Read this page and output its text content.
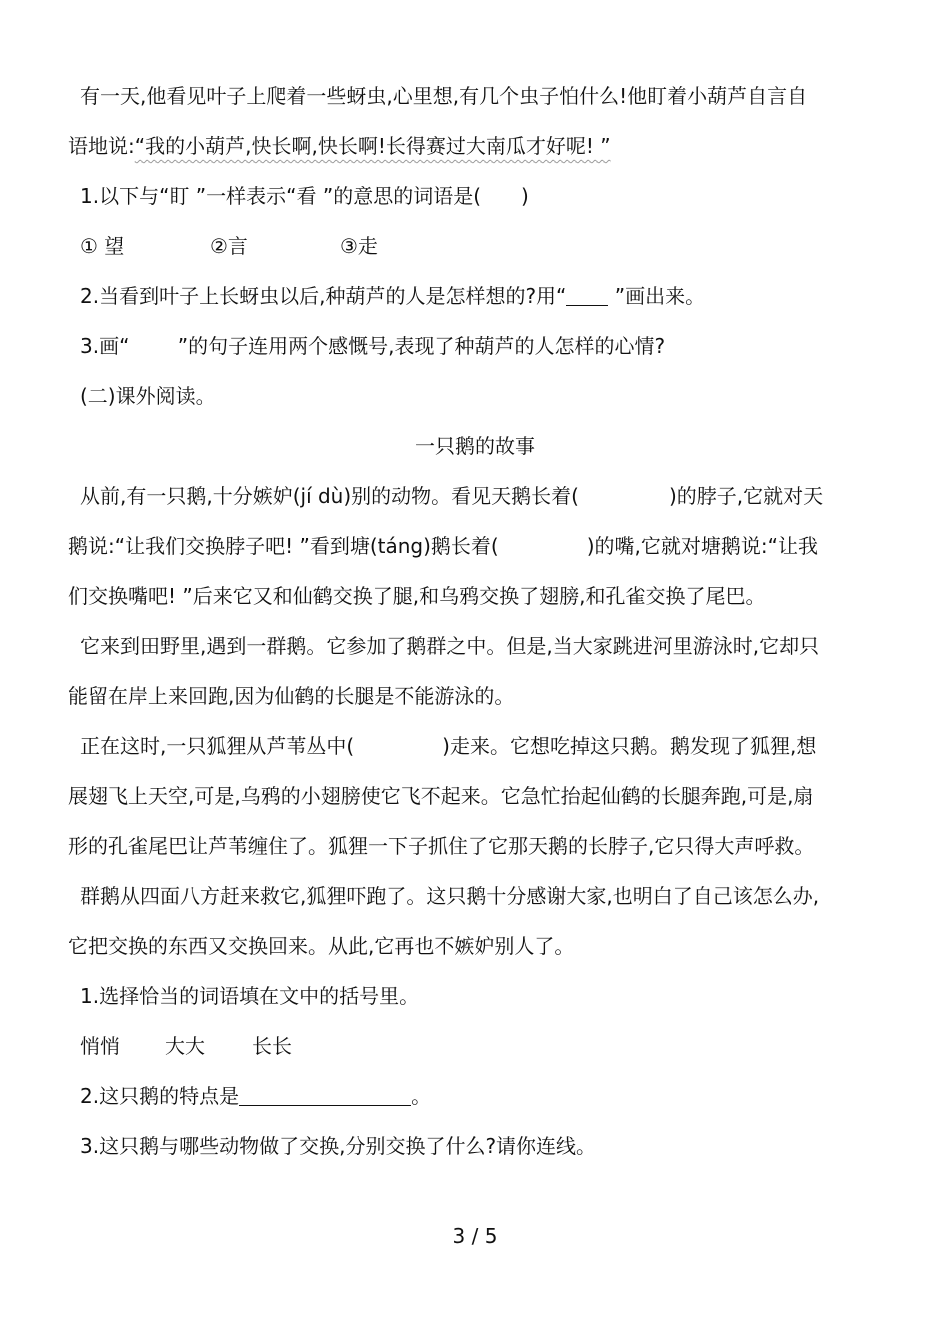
有一天,他看见叶子上爬着一些蚜虫,心里想,有几个虫子怕什么!他盯着小葫芦自言自
语地说:“我的小葫芦,快长啊,快长啊!长得赛过大南瓜才好呢! ”
1.以下与“盯 ”一样表示“看 ”的意思的词语是( )
① 望	②言	③走
2.当看到叶子上长蚜虫以后,种葫芦的人是怎样想的?用“ ”画出来。
3.画“ ”的句子连用两个感慨号,表现了种葫芦的人怎样的心情?
(二)课外阅读。
一只鹅的故事
从前,有一只鹅,十分嫉妒(jí dù)别的动物。看见天鹅长着(	)的脖子,它就对天
鹅说:“让我们交换脖子吧! ”看到塘(táng)鹅长着(	)的嘴,它就对塘鹅说:“让我
们交换嘴吧! ”后来它又和仙鹤交换了腿,和乌鸦交换了翅膀,和孔雀交换了尾巴。
它来到田野里,遇到一群鹅。它参加了鹅群之中。但是,当大家跳进河里游泳时,它却只
能留在岸上来回跑,因为仙鹤的长腿是不能游泳的。
正在这时,一只狐狸从芦苇丛中(	)走来。它想吃掉这只鹅。鹅发现了狐狸,想
展翅飞上天空,可是,乌鸦的小翅膀使它飞不起来。它急忙抬起仙鹤的长腿奔跑,可是,扇
形的孔雀尾巴让芦苇缠住了。狐狸一下子抓住了它那天鹅的长脖子,它只得大声呼救。
群鹅从四面八方赶来救它,狐狸吓跑了。这只鹅十分感谢大家,也明白了自己该怎么办,
它把交换的东西又交换回来。从此,它再也不嫉妒别人了。
1.选择恰当的词语填在文中的括号里。
悄悄 大大 长长
2.这只鹅的特点是	。
3.这只鹅与哪些动物做了交换,分别交换了什么?请你连线。
3 / 5
